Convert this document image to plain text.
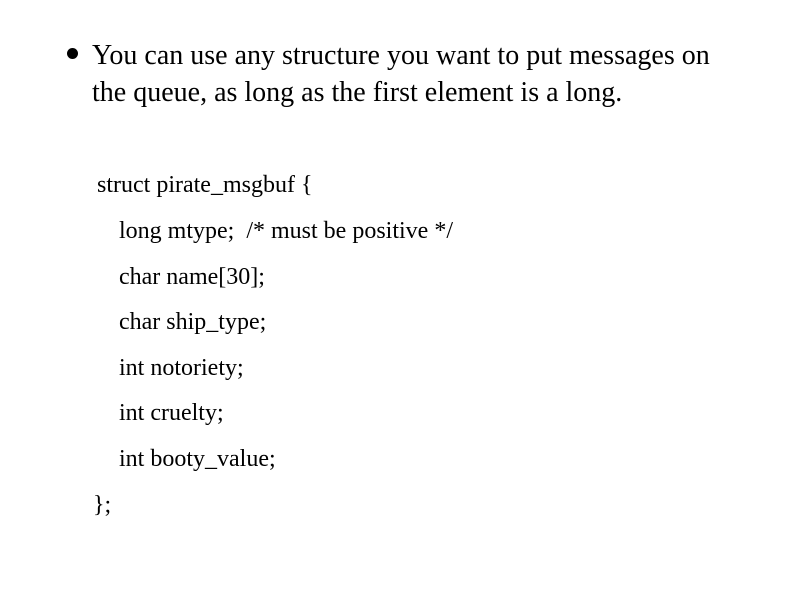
You can use any structure you want to put messages on the queue, as long as the first element is a long.

struct pirate_msgbuf {

long mtype;  /* must be positive */

char name[30];

char ship_type;

int notoriety;

int cruelty;

int booty_value;

};
